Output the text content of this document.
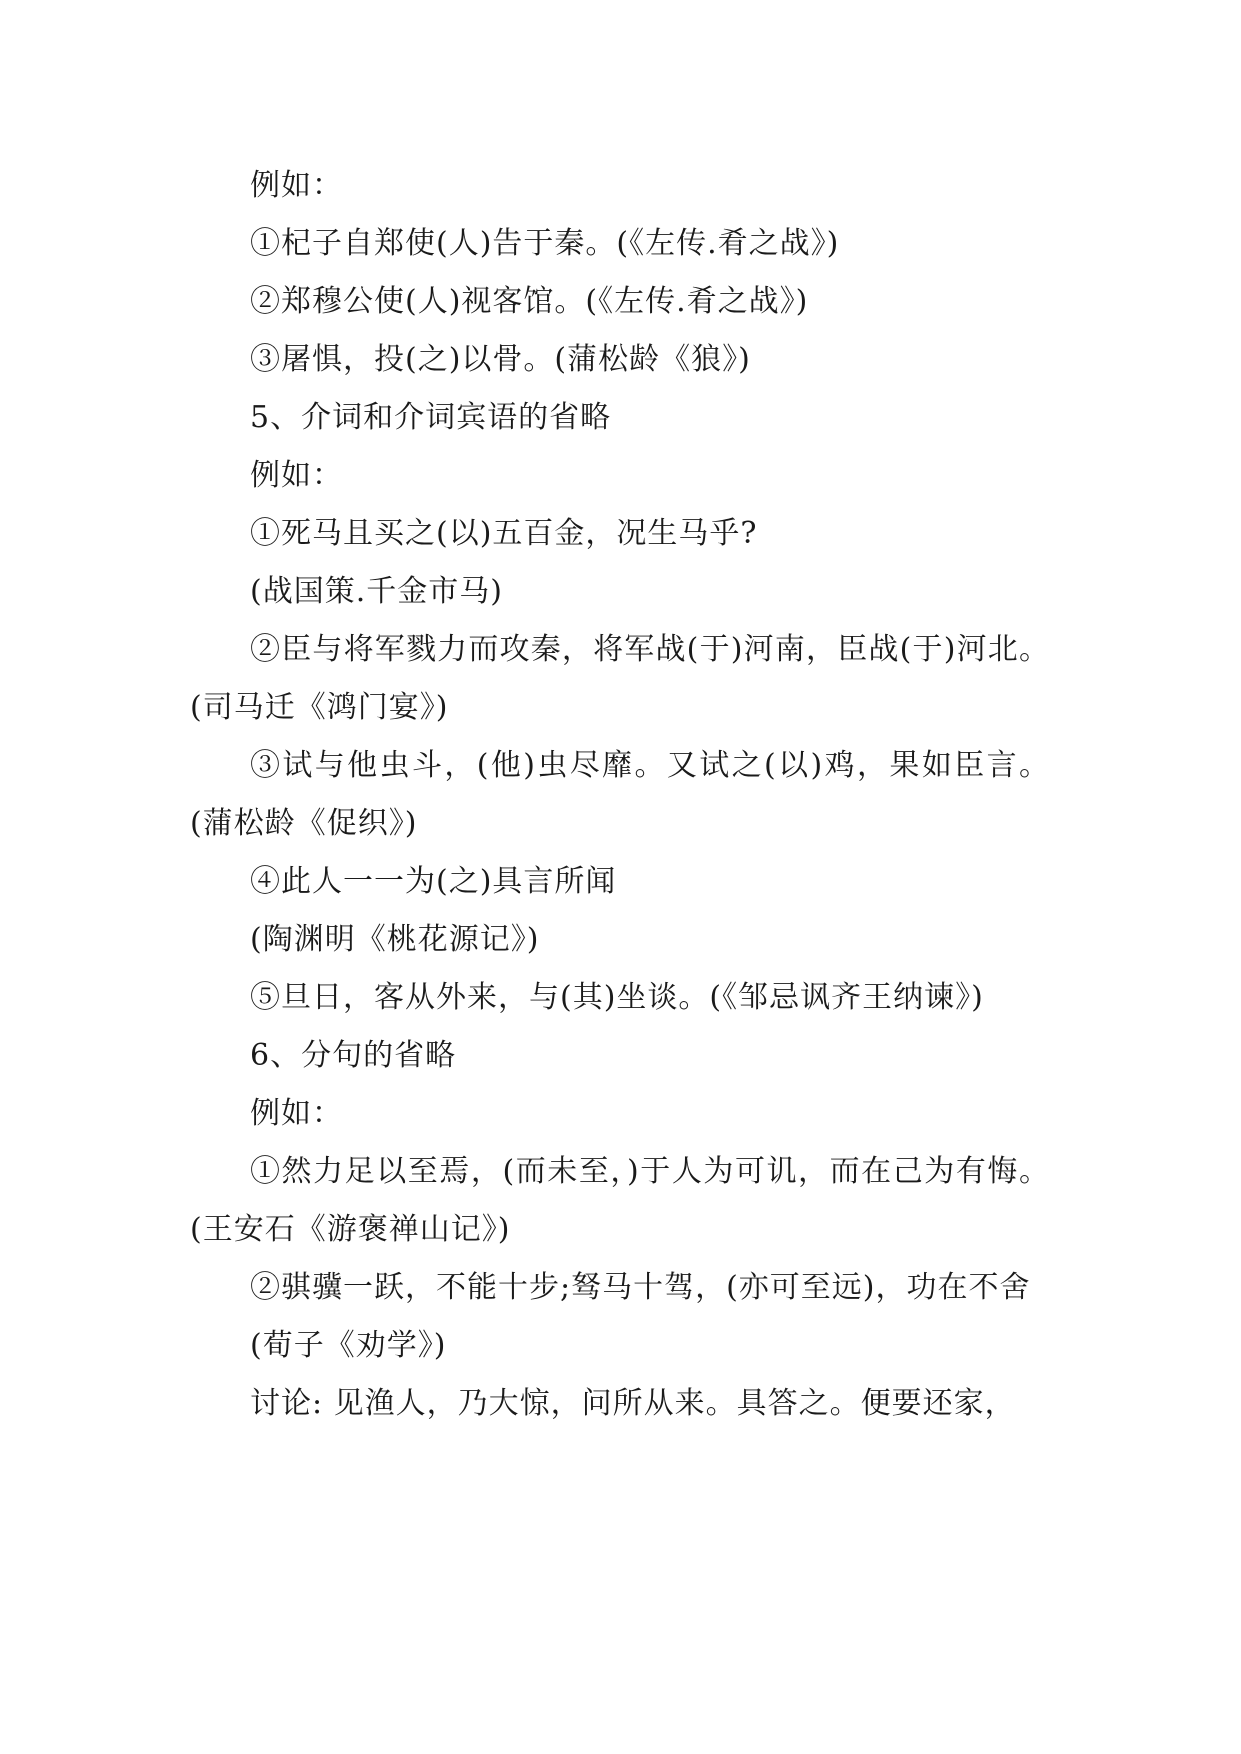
例如：

①杞子自郑使(人)告于秦。(《左传.肴之战》)

②郑穆公使(人)视客馆。(《左传.肴之战》)

③屠惧，投(之)以骨。(蒲松龄《狼》)

5、介词和介词宾语的省略

例如：

①死马且买之(以)五百金，况生马乎?

(战国策.千金市马)

②臣与将军戮力而攻秦，将军战(于)河南，臣战(于)河北。(司马迁《鸿门宴》)

③试与他虫斗，(他)虫尽靡。又试之(以)鸡，果如臣言。(蒲松龄《促织》)

④此人一一为(之)具言所闻

(陶渊明《桃花源记》)

⑤旦日，客从外来，与(其)坐谈。(《邹忌讽齐王纳谏》)

6、分句的省略

例如：

①然力足以至焉，(而未至，)于人为可讥，而在己为有悔。(王安石《游褒禅山记》)

②骐骥一跃，不能十步;驽马十驾，(亦可至远)，功在不舍

(荀子《劝学》)

讨论: 见渔人，乃大惊，问所从来。具答之。便要还家，
